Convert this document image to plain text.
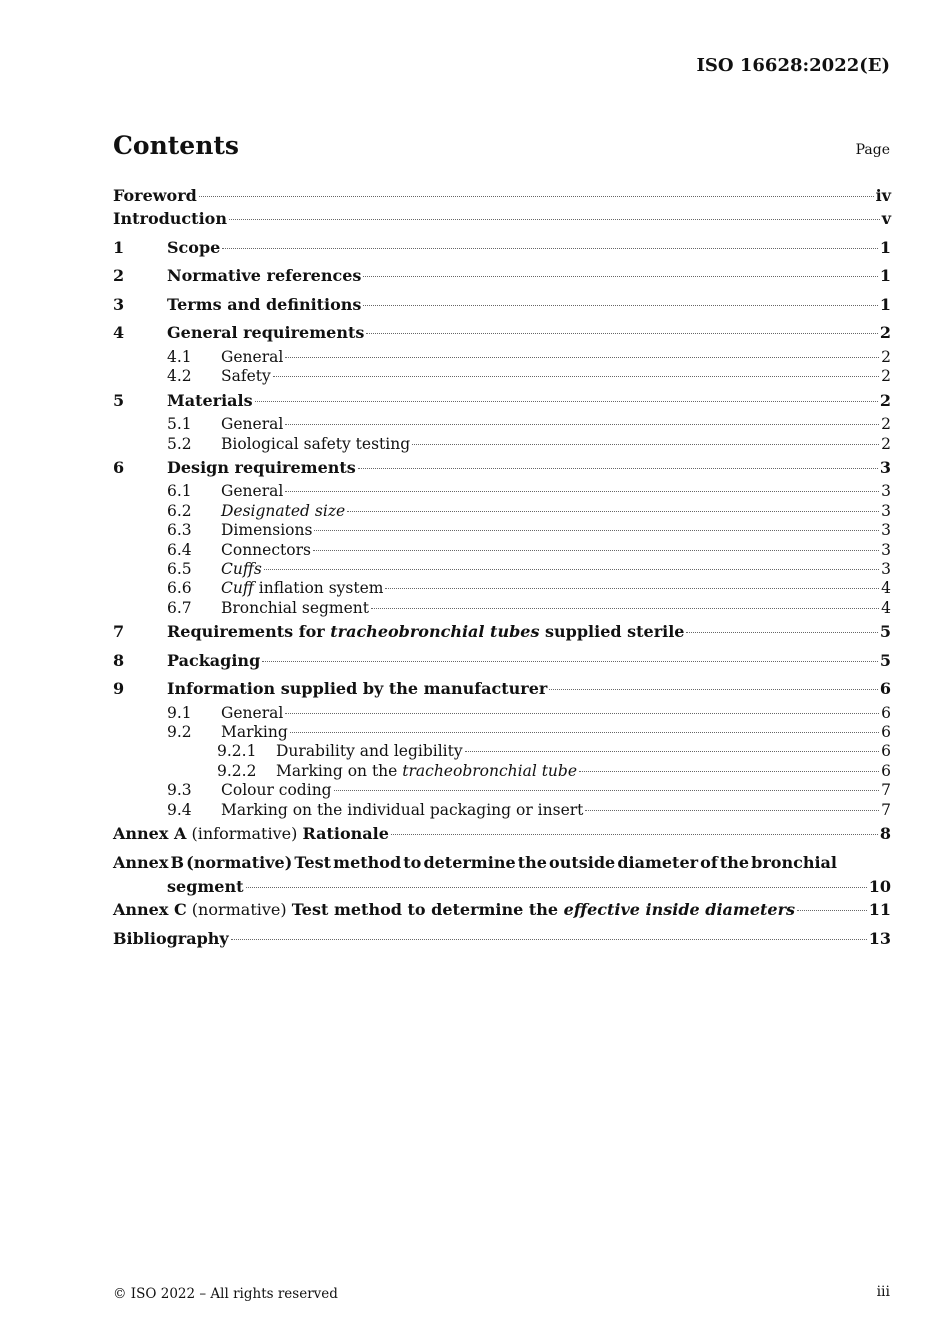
ISO 16628:2022(E)
Contents	Page
Foreword	iv
Introduction	v
1	Scope	1
2	Normative references	1
3	Terms and definitions	1
4	General requirements	2
4.1	General	2
4.2	Safety	2
5	Materials	2
5.1	General	2
5.2	Biological safety testing	2
6	Design requirements	3
6.1	General	3
6.2	Designated size	3
6.3	Dimensions	3
6.4	Connectors	3
6.5	Cuffs	3
6.6	Cuff inflation system	4
6.7	Bronchial segment	4
7	Requirements for tracheobronchial tubes supplied sterile	5
8	Packaging	5
9	Information supplied by the manufacturer	6
9.1	General	6
9.2	Marking	6
9.2.1	Durability and legibility	6
9.2.2	Marking on the tracheobronchial tube	6
9.3	Colour coding	7
9.4	Marking on the individual packaging or insert	7
Annex A (informative) Rationale	8
Annex B (normative) Test method to determine the outside diameter of the bronchial
segment	10
Annex C (normative) Test method to determine the effective inside diameters	11
Bibliography	13
© ISO 2022 – All rights reserved	iii
